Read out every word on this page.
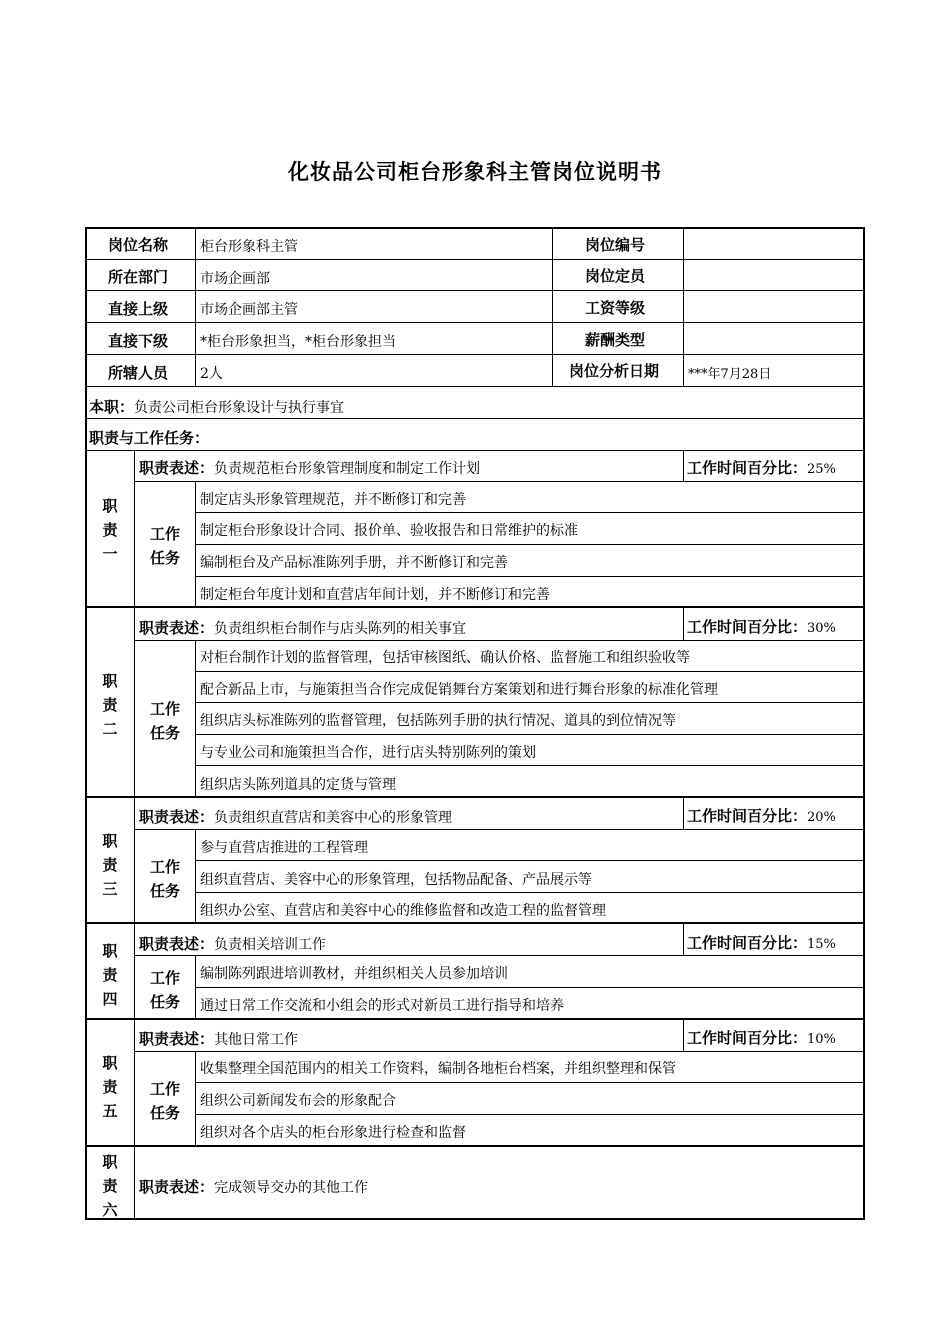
化妆品公司柜台形象科主管岗位说明书
岗位名称 柜台形象科主管	岗位编号
所在部门 市场企画部	岗位定员
直接上级 市场企画部主管	工资等级
直接下级 *柜台形象担当，*柜台形象担当	薪酬类型
所辖人员 2人	岗位分析日期 ***年7月28日
本职：负责公司柜台形象设计与执行事宜
职责与工作任务：
职
责
一
职责表述：负责规范柜台形象管理制度和制定工作计划	工作时间百分比：25%
工作
任务
制定店头形象管理规范，并不断修订和完善
制定柜台形象设计合同、报价单、验收报告和日常维护的标准
编制柜台及产品标准陈列手册，并不断修订和完善
制定柜台年度计划和直营店年间计划，并不断修订和完善
职
责
二
职责表述：负责组织柜台制作与店头陈列的相关事宜	工作时间百分比：30%
工作
任务
对柜台制作计划的监督管理，包括审核图纸、确认价格、监督施工和组织验收等
配合新品上市，与施策担当合作完成促销舞台方案策划和进行舞台形象的标准化管理
组织店头标准陈列的监督管理，包括陈列手册的执行情况、道具的到位情况等
与专业公司和施策担当合作，进行店头特别陈列的策划
组织店头陈列道具的定货与管理
职
责
三
职责表述：负责组织直营店和美容中心的形象管理	工作时间百分比：20%
工作
任务
参与直营店推进的工程管理
组织直营店、美容中心的形象管理，包括物品配备、产品展示等
组织办公室、直营店和美容中心的维修监督和改造工程的监督管理
职
责
四
职责表述：负责相关培训工作	工作时间百分比：15%
工作
任务
编制陈列跟进培训教材，并组织相关人员参加培训
通过日常工作交流和小组会的形式对新员工进行指导和培养
职
责
五
职责表述：其他日常工作	工作时间百分比：10%
工作
任务
收集整理全国范围内的相关工作资料，编制各地柜台档案，并组织整理和保管
组织公司新闻发布会的形象配合
组织对各个店头的柜台形象进行检查和监督
职
责
六
职责表述：完成领导交办的其他工作
